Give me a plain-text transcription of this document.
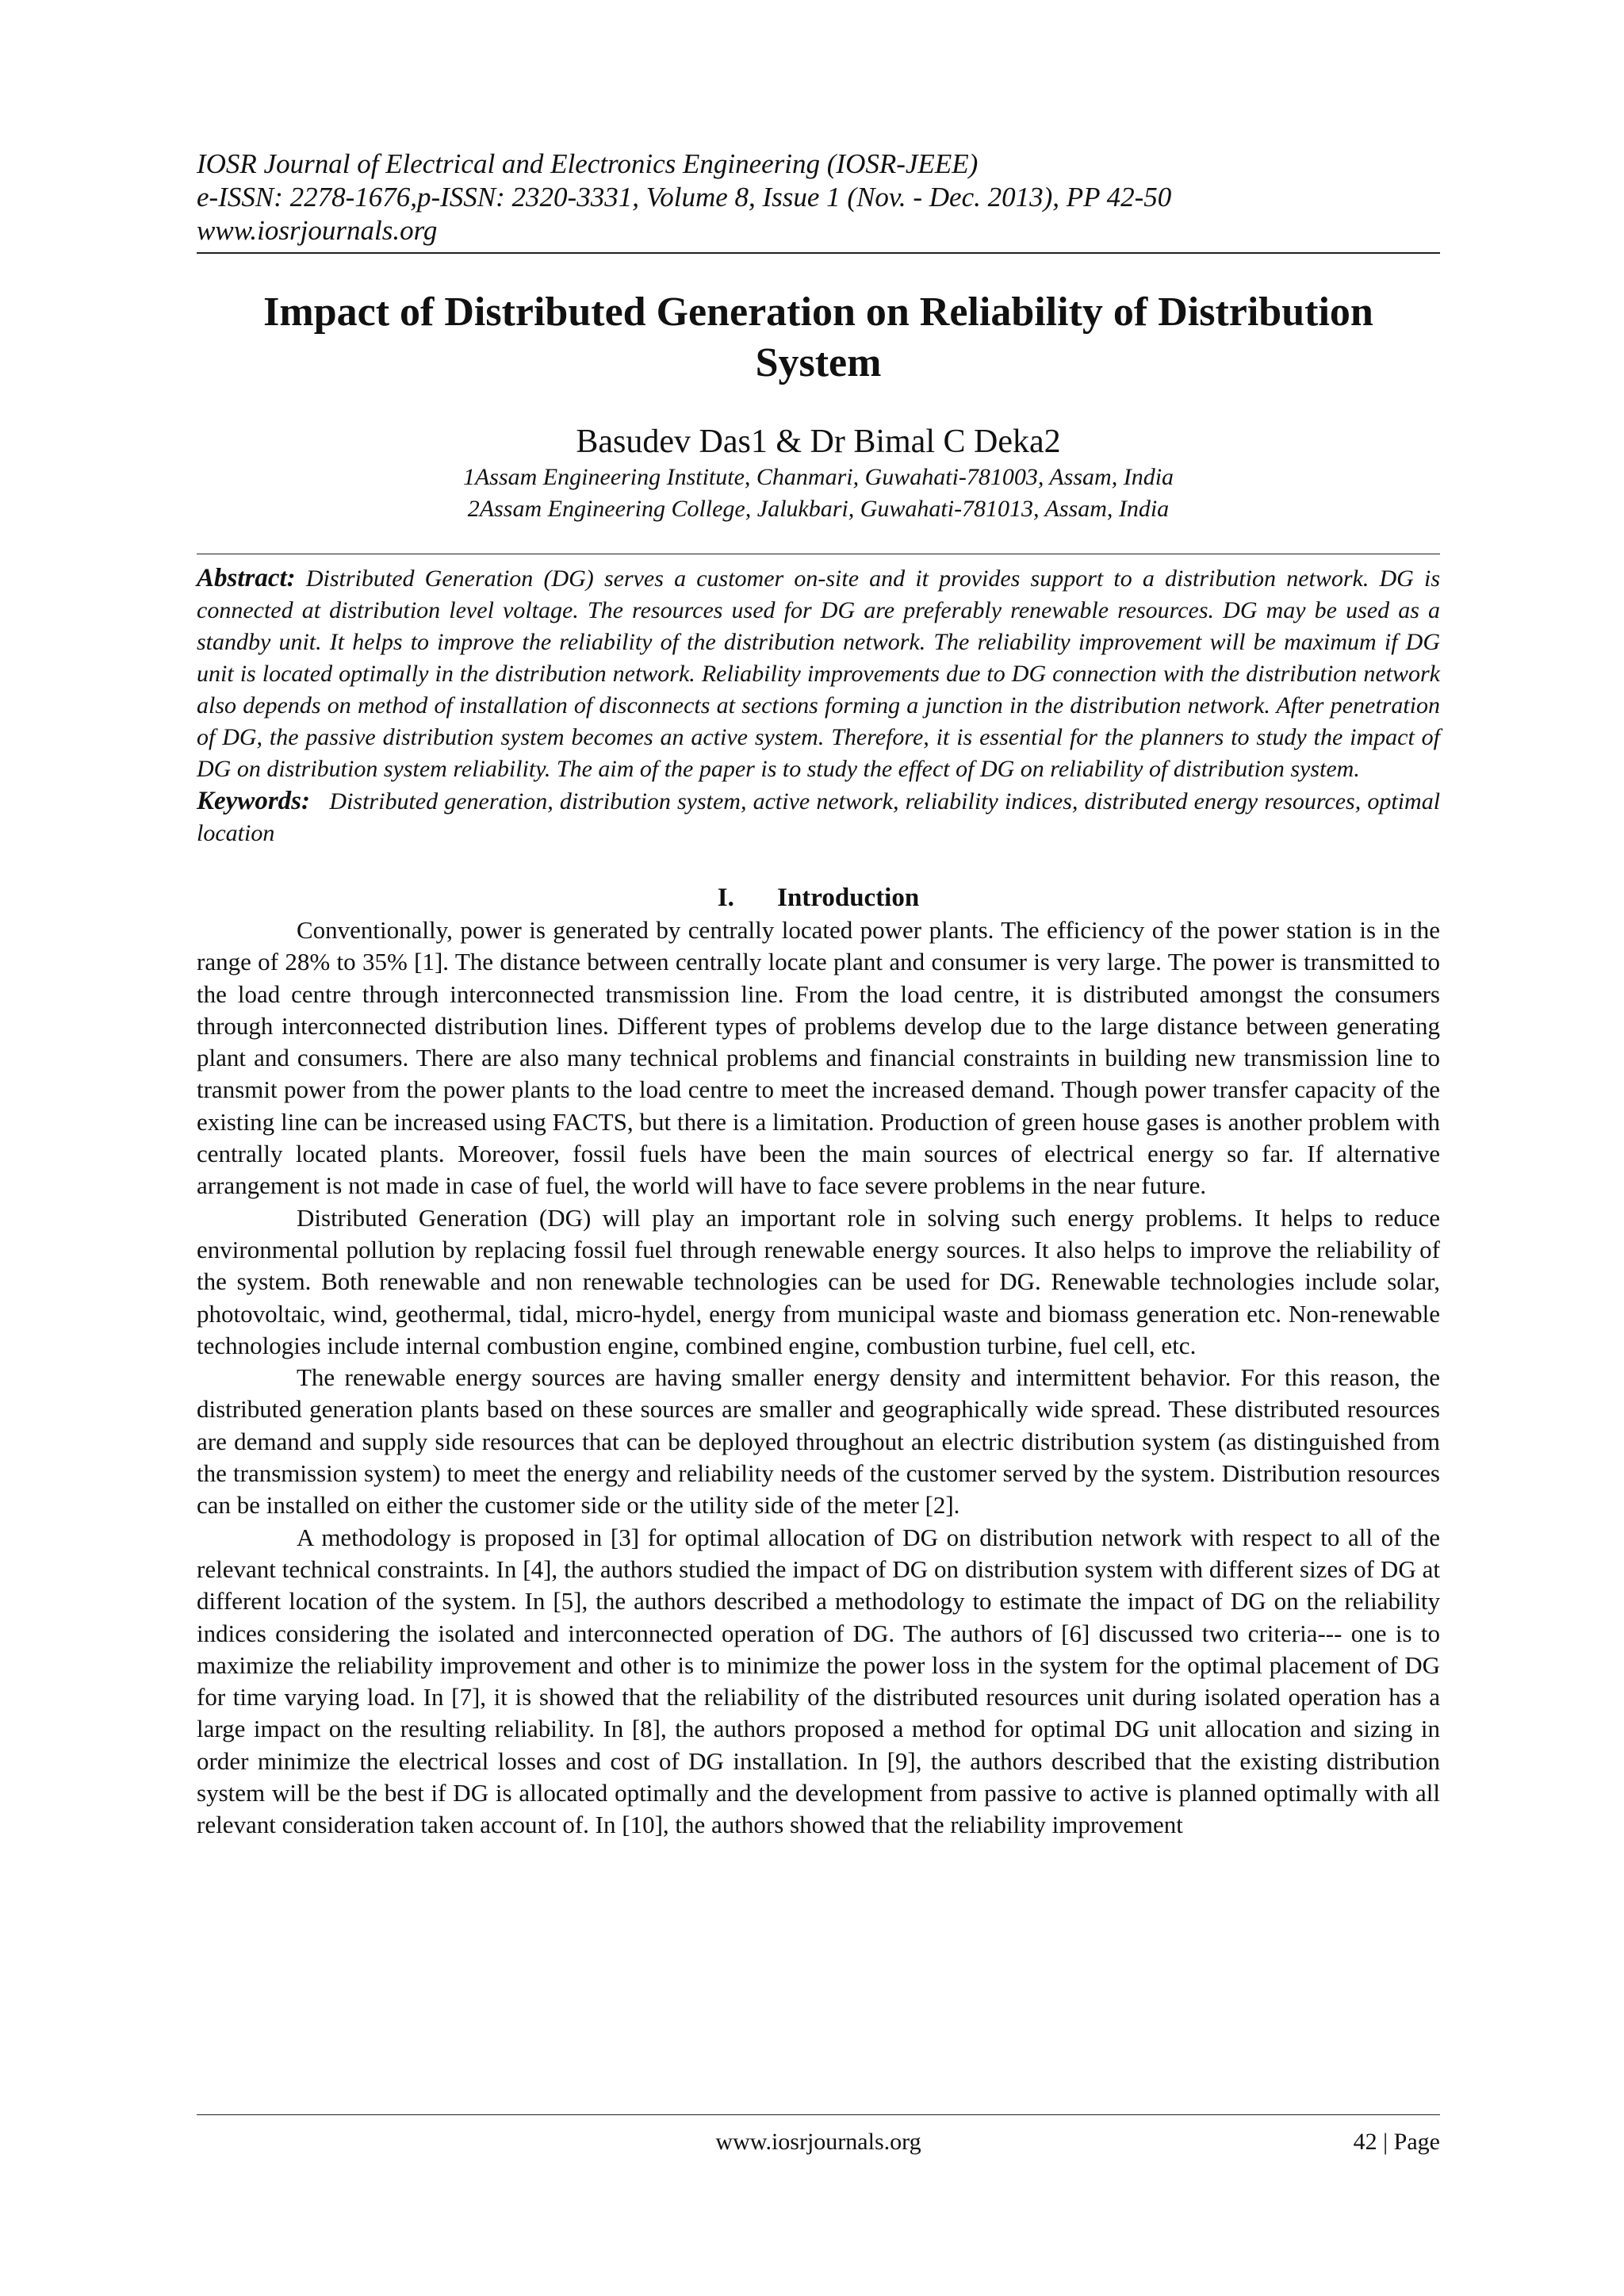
IOSR Journal of Electrical and Electronics Engineering (IOSR-JEEE)
e-ISSN: 2278-1676,p-ISSN: 2320-3331, Volume 8, Issue 1 (Nov. - Dec. 2013), PP 42-50
www.iosrjournals.org
Impact of Distributed Generation on Reliability of Distribution
System
Basudev Das1 & Dr Bimal C Deka2
1Assam Engineering Institute, Chanmari, Guwahati-781003, Assam, India
2Assam Engineering College, Jalukbari, Guwahati-781013, Assam, India
Abstract: Distributed Generation (DG) serves a customer on-site and it provides support to a distribution network. DG is connected at distribution level voltage. The resources used for DG are preferably renewable resources. DG may be used as a standby unit. It helps to improve the reliability of the distribution network. The reliability improvement will be maximum if DG unit is located optimally in the distribution network. Reliability improvements due to DG connection with the distribution network also depends on method of installation of disconnects at sections forming a junction in the distribution network. After penetration of DG, the passive distribution system becomes an active system. Therefore, it is essential for the planners to study the impact of DG on distribution system reliability. The aim of the paper is to study the effect of DG on reliability of distribution system.
Keywords: Distributed generation, distribution system, active network, reliability indices, distributed energy resources, optimal location
I. Introduction

Conventionally, power is generated by centrally located power plants. The efficiency of the power station is in the range of 28% to 35% [1]. The distance between centrally locate plant and consumer is very large. The power is transmitted to the load centre through interconnected transmission line. From the load centre, it is distributed amongst the consumers through interconnected distribution lines. Different types of problems develop due to the large distance between generating plant and consumers. There are also many technical problems and financial constraints in building new transmission line to transmit power from the power plants to the load centre to meet the increased demand. Though power transfer capacity of the existing line can be increased using FACTS, but there is a limitation. Production of green house gases is another problem with centrally located plants. Moreover, fossil fuels have been the main sources of electrical energy so far. If alternative arrangement is not made in case of fuel, the world will have to face severe problems in the near future.

Distributed Generation (DG) will play an important role in solving such energy problems. It helps to reduce environmental pollution by replacing fossil fuel through renewable energy sources. It also helps to improve the reliability of the system. Both renewable and non renewable technologies can be used for DG. Renewable technologies include solar, photovoltaic, wind, geothermal, tidal, micro-hydel, energy from municipal waste and biomass generation etc. Non-renewable technologies include internal combustion engine, combined engine, combustion turbine, fuel cell, etc.

The renewable energy sources are having smaller energy density and intermittent behavior. For this reason, the distributed generation plants based on these sources are smaller and geographically wide spread. These distributed resources are demand and supply side resources that can be deployed throughout an electric distribution system (as distinguished from the transmission system) to meet the energy and reliability needs of the customer served by the system. Distribution resources can be installed on either the customer side or the utility side of the meter [2].

A methodology is proposed in [3] for optimal allocation of DG on distribution network with respect to all of the relevant technical constraints. In [4], the authors studied the impact of DG on distribution system with different sizes of DG at different location of the system. In [5], the authors described a methodology to estimate the impact of DG on the reliability indices considering the isolated and interconnected operation of DG. The authors of [6] discussed two criteria--- one is to maximize the reliability improvement and other is to minimize the power loss in the system for the optimal placement of DG for time varying load. In [7], it is showed that the reliability of the distributed resources unit during isolated operation has a large impact on the resulting reliability. In [8], the authors proposed a method for optimal DG unit allocation and sizing in order minimize the electrical losses and cost of DG installation. In [9], the authors described that the existing distribution system will be the best if DG is allocated optimally and the development from passive to active is planned optimally with all relevant consideration taken account of. In [10], the authors showed that the reliability improvement

www.iosrjournals.org	42 | Page
